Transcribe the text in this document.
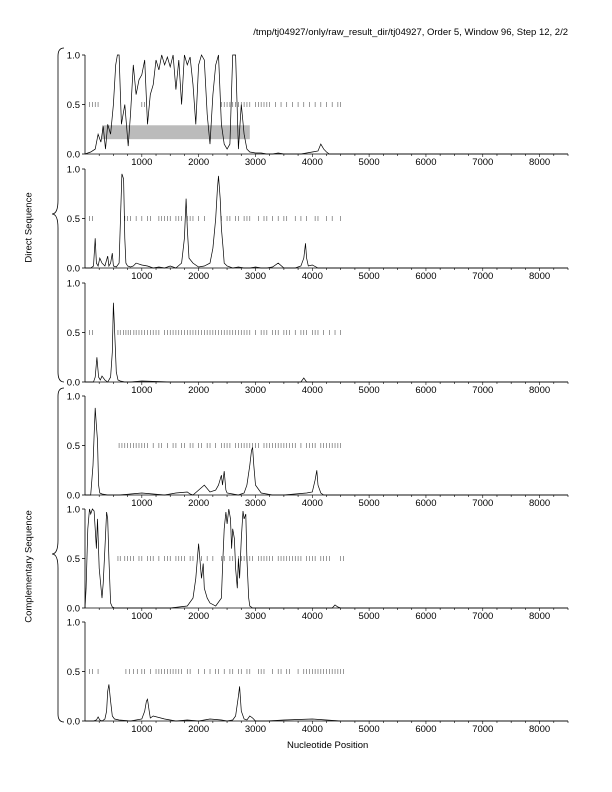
/tmp/tj04927/only/raw_result_dir/tj04927, Order 5, Window 96, Step 12, 2/2
Nucleotide Position
Direct Sequence
Complementary Sequence
0.0
0.5
1.0
1000	2000	3000	4000	5000	6000	7000	8000
0.0
0.5
1.0
1000	2000	3000	4000	5000	6000	7000	8000
0.0
0.5
1.0
1000	2000	3000	4000	5000	6000	7000	8000
0.0
0.5
1.0
1000	2000	3000	4000	5000	6000	7000	8000
0.0
0.5
1.0
1000	2000	3000	4000	5000	6000	7000	8000
0.0
0.5
1.0
1000	2000	3000	4000	5000	6000	7000	8000
